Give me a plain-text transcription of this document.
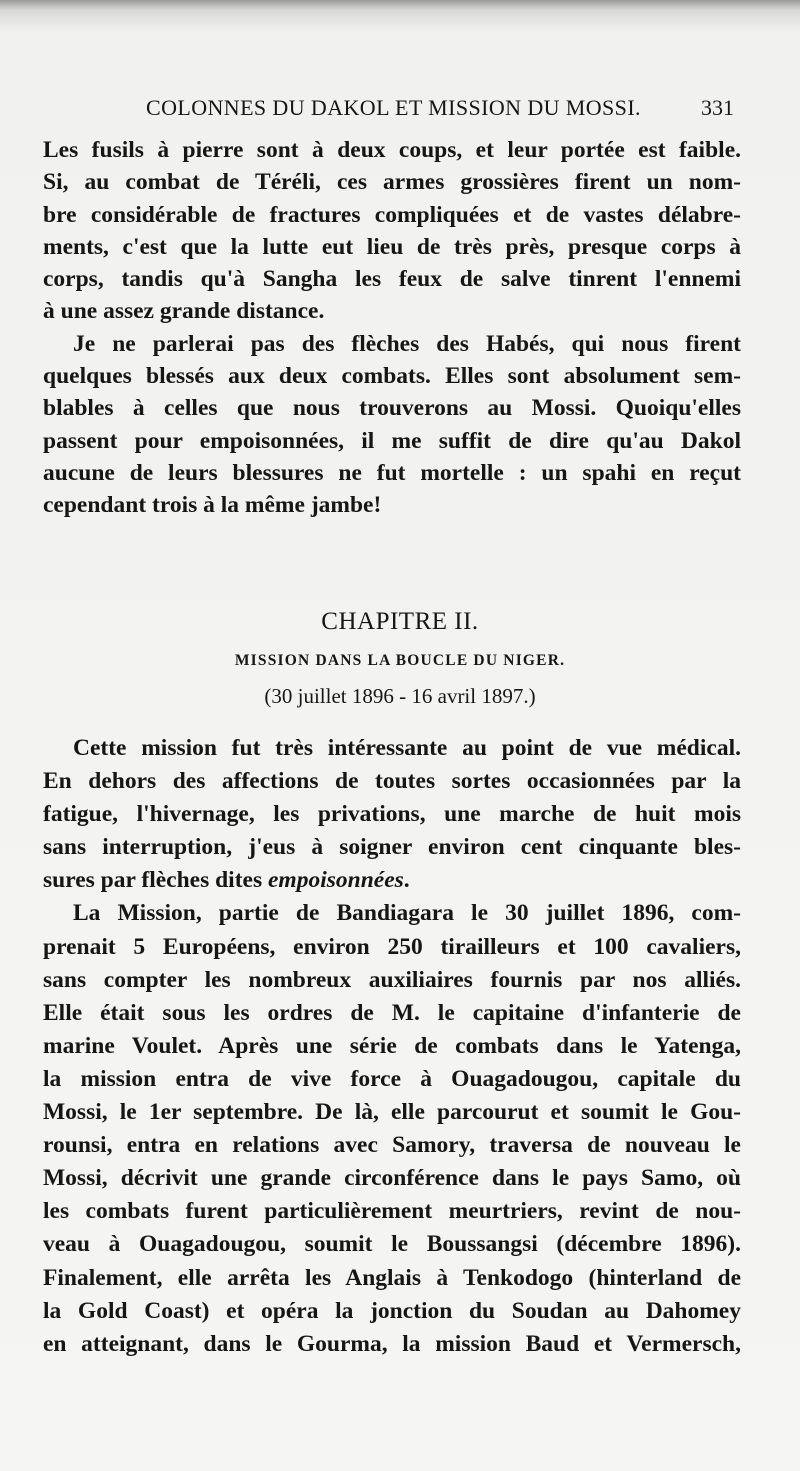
COLONNES DU DAKOL ET MISSION DU MOSSI.	331
Les fusils à pierre sont à deux coups, et leur portée est faible.
Si, au combat de Téréli, ces armes grossières firent un nom-
bre considérable de fractures compliquées et de vastes délabre-
ments, c'est que la lutte eut lieu de très près, presque corps à
corps, tandis qu'à Sangha les feux de salve tinrent l'ennemi
à une assez grande distance.
Je ne parlerai pas des flèches des Habés, qui nous firent
quelques blessés aux deux combats. Elles sont absolument sem-
blables à celles que nous trouverons au Mossi. Quoiqu'elles
passent pour empoisonnées, il me suffit de dire qu'au Dakol
aucune de leurs blessures ne fut mortelle : un spahi en reçut
cependant trois à la même jambe!
CHAPITRE II.
MISSION DANS LA BOUCLE DU NIGER.
(30 juillet 1896 - 16 avril 1897.)
Cette mission fut très intéressante au point de vue médical.
En dehors des affections de toutes sortes occasionnées par la
fatigue, l'hivernage, les privations, une marche de huit mois
sans interruption, j'eus à soigner environ cent cinquante bles-
sures par flèches dites empoisonnées.
La Mission, partie de Bandiagara le 30 juillet 1896, com-
prenait 5 Européens, environ 250 tirailleurs et 100 cavaliers,
sans compter les nombreux auxiliaires fournis par nos alliés.
Elle était sous les ordres de M. le capitaine d'infanterie de
marine Voulet. Après une série de combats dans le Yatenga,
la mission entra de vive force à Ouagadougou, capitale du
Mossi, le 1er septembre. De là, elle parcourut et soumit le Gou-
rounsi, entra en relations avec Samory, traversa de nouveau le
Mossi, décrivit une grande circonférence dans le pays Samo, où
les combats furent particulièrement meurtriers, revint de nou-
veau à Ouagadougou, soumit le Boussangsi (décembre 1896).
Finalement, elle arrêta les Anglais à Tenkodogo (hinterland de
la Gold Coast) et opéra la jonction du Soudan au Dahomey
en atteignant, dans le Gourma, la mission Baud et Vermersch,
